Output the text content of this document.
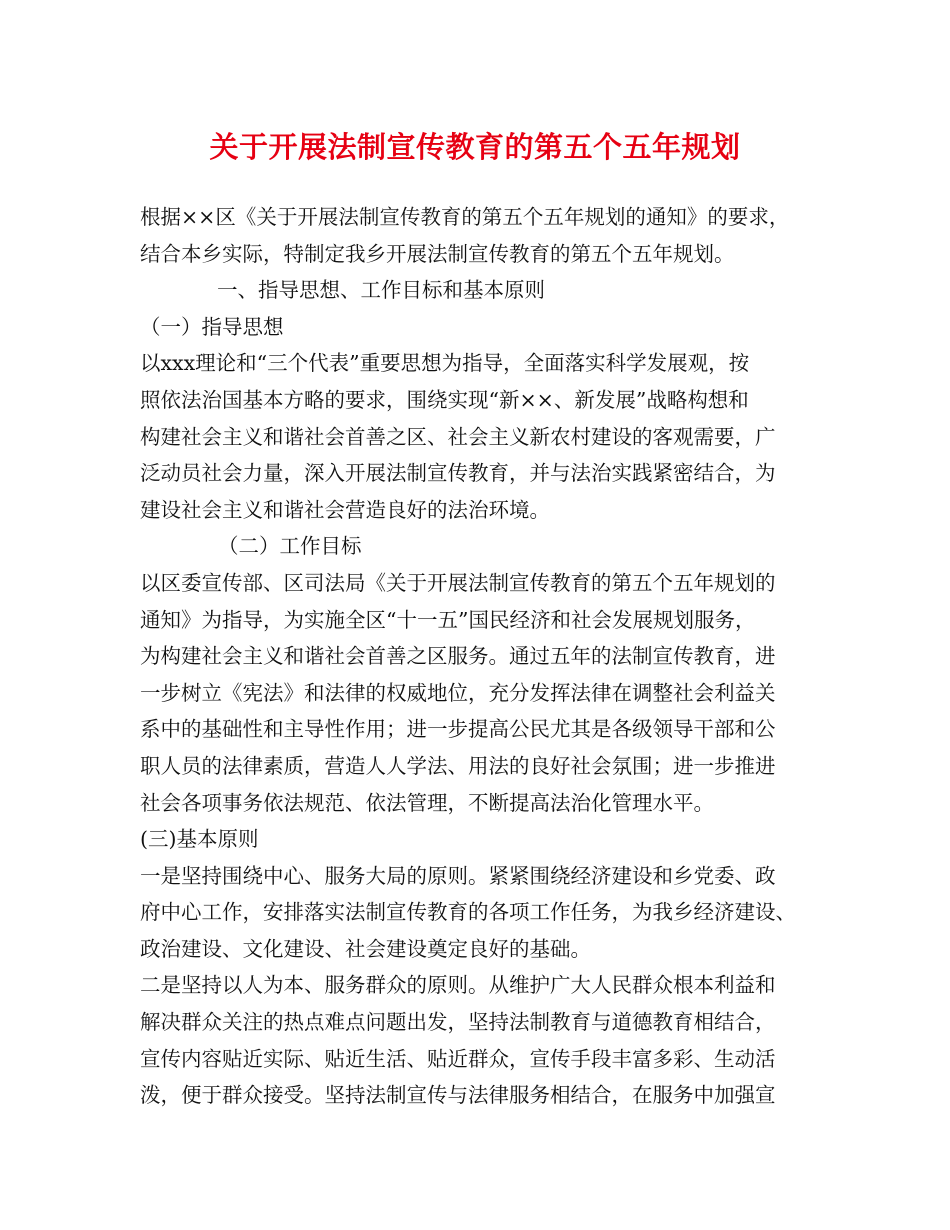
关于开展法制宣传教育的第五个五年规划
根据××区《关于开展法制宣传教育的第五个五年规划的通知》的要求，
结合本乡实际，特制定我乡开展法制宣传教育的第五个五年规划。
一、指导思想、工作目标和基本原则
（一）指导思想
以xxx理论和“三个代表”重要思想为指导，全面落实科学发展观，按
照依法治国基本方略的要求，围绕实现“新××、新发展”战略构想和
构建社会主义和谐社会首善之区、社会主义新农村建设的客观需要，广
泛动员社会力量，深入开展法制宣传教育，并与法治实践紧密结合，为
建设社会主义和谐社会营造良好的法治环境。
（二）工作目标
以区委宣传部、区司法局《关于开展法制宣传教育的第五个五年规划的
通知》为指导，为实施全区“十一五”国民经济和社会发展规划服务，
为构建社会主义和谐社会首善之区服务。通过五年的法制宣传教育，进
一步树立《宪法》和法律的权威地位，充分发挥法律在调整社会利益关
系中的基础性和主导性作用；进一步提高公民尤其是各级领导干部和公
职人员的法律素质，营造人人学法、用法的良好社会氛围；进一步推进
社会各项事务依法规范、依法管理，不断提高法治化管理水平。
(三)基本原则
一是坚持围绕中心、服务大局的原则。紧紧围绕经济建设和乡党委、政
府中心工作，安排落实法制宣传教育的各项工作任务，为我乡经济建设、
政治建设、文化建设、社会建设奠定良好的基础。
二是坚持以人为本、服务群众的原则。从维护广大人民群众根本利益和
解决群众关注的热点难点问题出发，坚持法制教育与道德教育相结合，
宣传内容贴近实际、贴近生活、贴近群众，宣传手段丰富多彩、生动活
泼，便于群众接受。坚持法制宣传与法律服务相结合，在服务中加强宣
